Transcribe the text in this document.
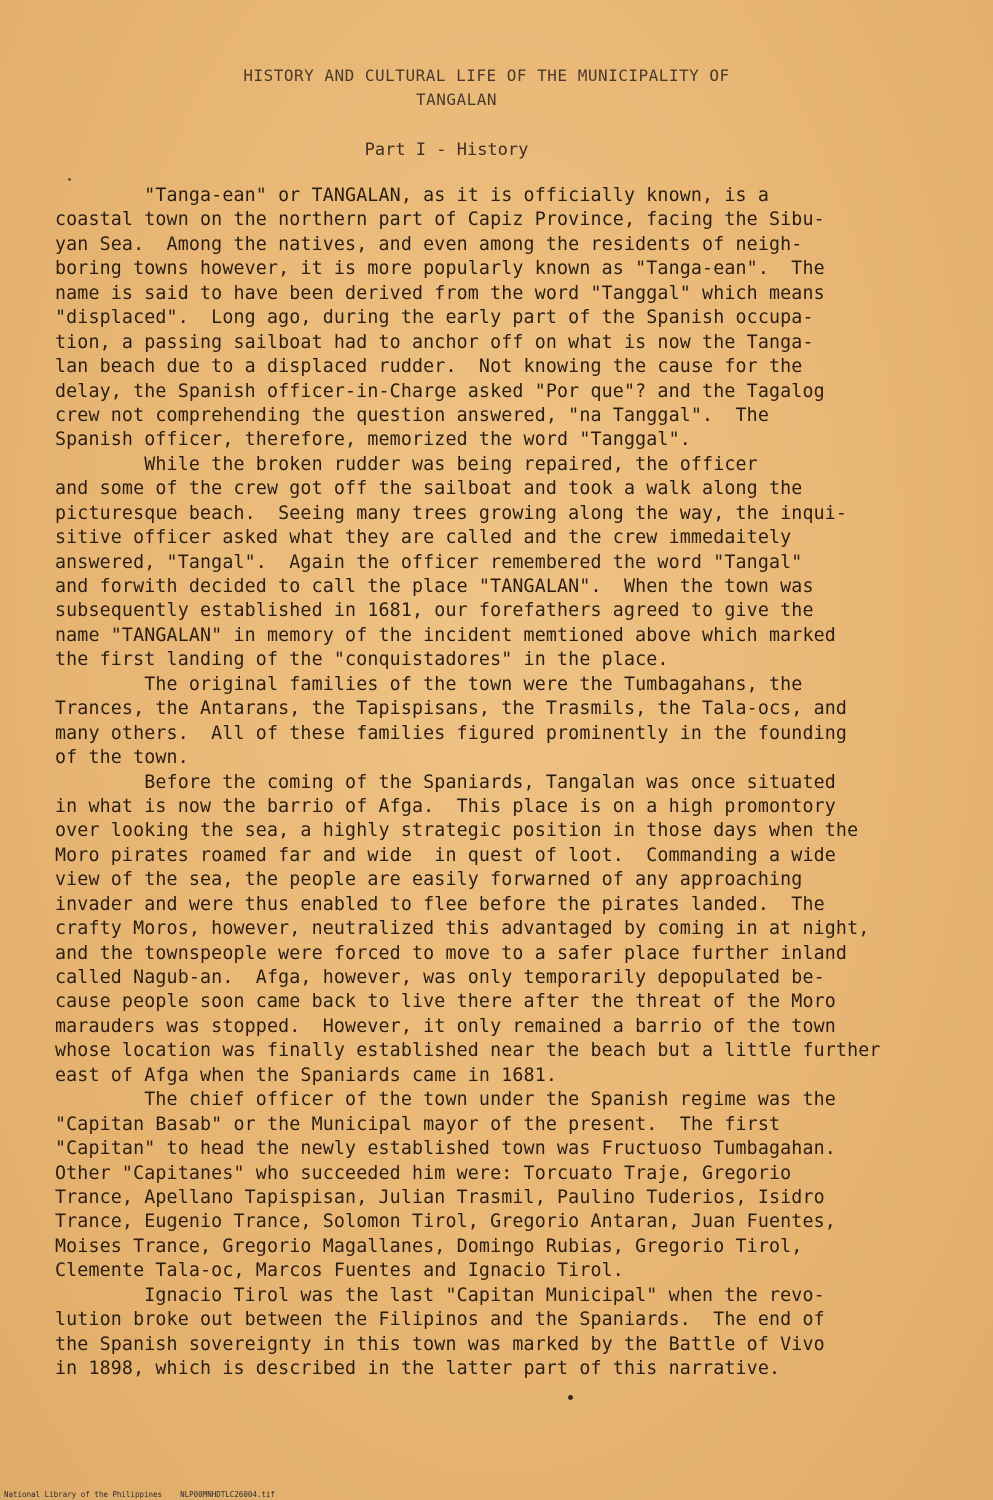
HISTORY AND CULTURAL LIFE OF THE MUNICIPALITY OF
TANGALAN
Part I - History
"Tanga-ean" or TANGALAN, as it is officially known, is a
coastal town on the northern part of Capiz Province, facing the Sibu-
yan Sea.  Among the natives, and even among the residents of neigh-
boring towns however, it is more popularly known as "Tanga-ean".  The
name is said to have been derived from the word "Tanggal" which means
"displaced".  Long ago, during the early part of the Spanish occupa-
tion, a passing sailboat had to anchor off on what is now the Tanga-
lan beach due to a displaced rudder.  Not knowing the cause for the
delay, the Spanish officer-in-Charge asked "Por que"? and the Tagalog
crew not comprehending the question answered, "na Tanggal".  The
Spanish officer, therefore, memorized the word "Tanggal".
While the broken rudder was being repaired, the officer
and some of the crew got off the sailboat and took a walk along the
picturesque beach.  Seeing many trees growing along the way, the inqui-
sitive officer asked what they are called and the crew immedaitely
answered, "Tangal".  Again the officer remembered the word "Tangal"
and forwith decided to call the place "TANGALAN".  When the town was
subsequently established in 1681, our forefathers agreed to give the
name "TANGALAN" in memory of the incident memtioned above which marked
the first landing of the "conquistadores" in the place.
The original families of the town were the Tumbagahans, the
Trances, the Antarans, the Tapispisans, the Trasmils, the Tala-ocs, and
many others.  All of these families figured prominently in the founding
of the town.
Before the coming of the Spaniards, Tangalan was once situated
in what is now the barrio of Afga.  This place is on a high promontory
over looking the sea, a highly strategic position in those days when the
Moro pirates roamed far and wide  in quest of loot.  Commanding a wide
view of the sea, the people are easily forwarned of any approaching
invader and were thus enabled to flee before the pirates landed.  The
crafty Moros, however, neutralized this advantaged by coming in at night,
and the townspeople were forced to move to a safer place further inland
called Nagub-an.  Afga, however, was only temporarily depopulated be-
cause people soon came back to live there after the threat of the Moro
marauders was stopped.  However, it only remained a barrio of the town
whose location was finally established near the beach but a little further
east of Afga when the Spaniards came in 1681.
The chief officer of the town under the Spanish regime was the
"Capitan Basab" or the Municipal mayor of the present.  The first
"Capitan" to head the newly established town was Fructuoso Tumbagahan.
Other "Capitanes" who succeeded him were: Torcuato Traje, Gregorio
Trance, Apellano Tapispisan, Julian Trasmil, Paulino Tuderios, Isidro
Trance, Eugenio Trance, Solomon Tirol, Gregorio Antaran, Juan Fuentes,
Moises Trance, Gregorio Magallanes, Domingo Rubias, Gregorio Tirol,
Clemente Tala-oc, Marcos Fuentes and Ignacio Tirol.
Ignacio Tirol was the last "Capitan Municipal" when the revo-
lution broke out between the Filipinos and the Spaniards.  The end of
the Spanish sovereignty in this town was marked by the Battle of Vivo
in 1898, which is described in the latter part of this narrative.
National Library of the Philippines    NLP00MNHDTLC26004.tif
